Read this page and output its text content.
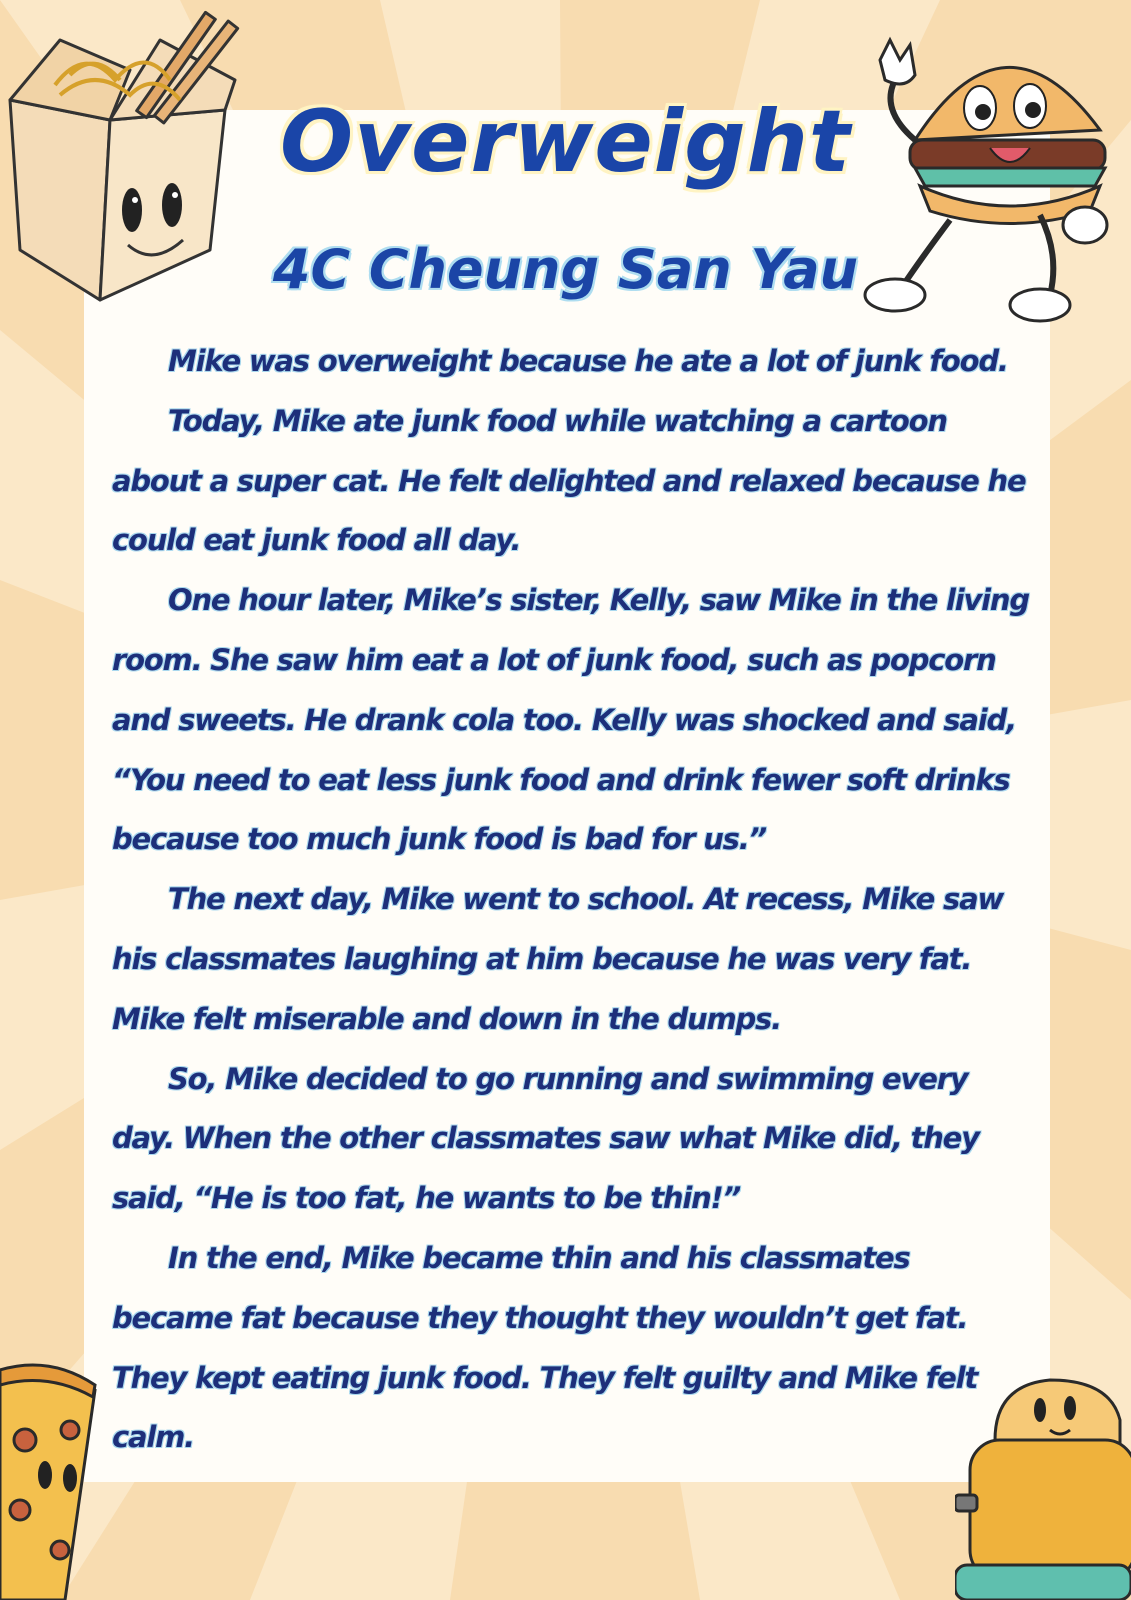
Overweight
4C Cheung San Yau

Mike was overweight because he ate a lot of junk food.

Today, Mike ate junk food while watching a cartoon about a super cat. He felt delighted and relaxed because he could eat junk food all day.

One hour later, Mike’s sister, Kelly, saw Mike in the living room. She saw him eat a lot of junk food, such as popcorn and sweets. He drank cola too. Kelly was shocked and said, “You need to eat less junk food and drink fewer soft drinks because too much junk food is bad for us.”

The next day, Mike went to school. At recess, Mike saw his classmates laughing at him because he was very fat. Mike felt miserable and down in the dumps.

So, Mike decided to go running and swimming every day. When the other classmates saw what Mike did, they said, “He is too fat, he wants to be thin!”

In the end, Mike became thin and his classmates became fat because they thought they wouldn’t get fat. They kept eating junk food. They felt guilty and Mike felt calm.
